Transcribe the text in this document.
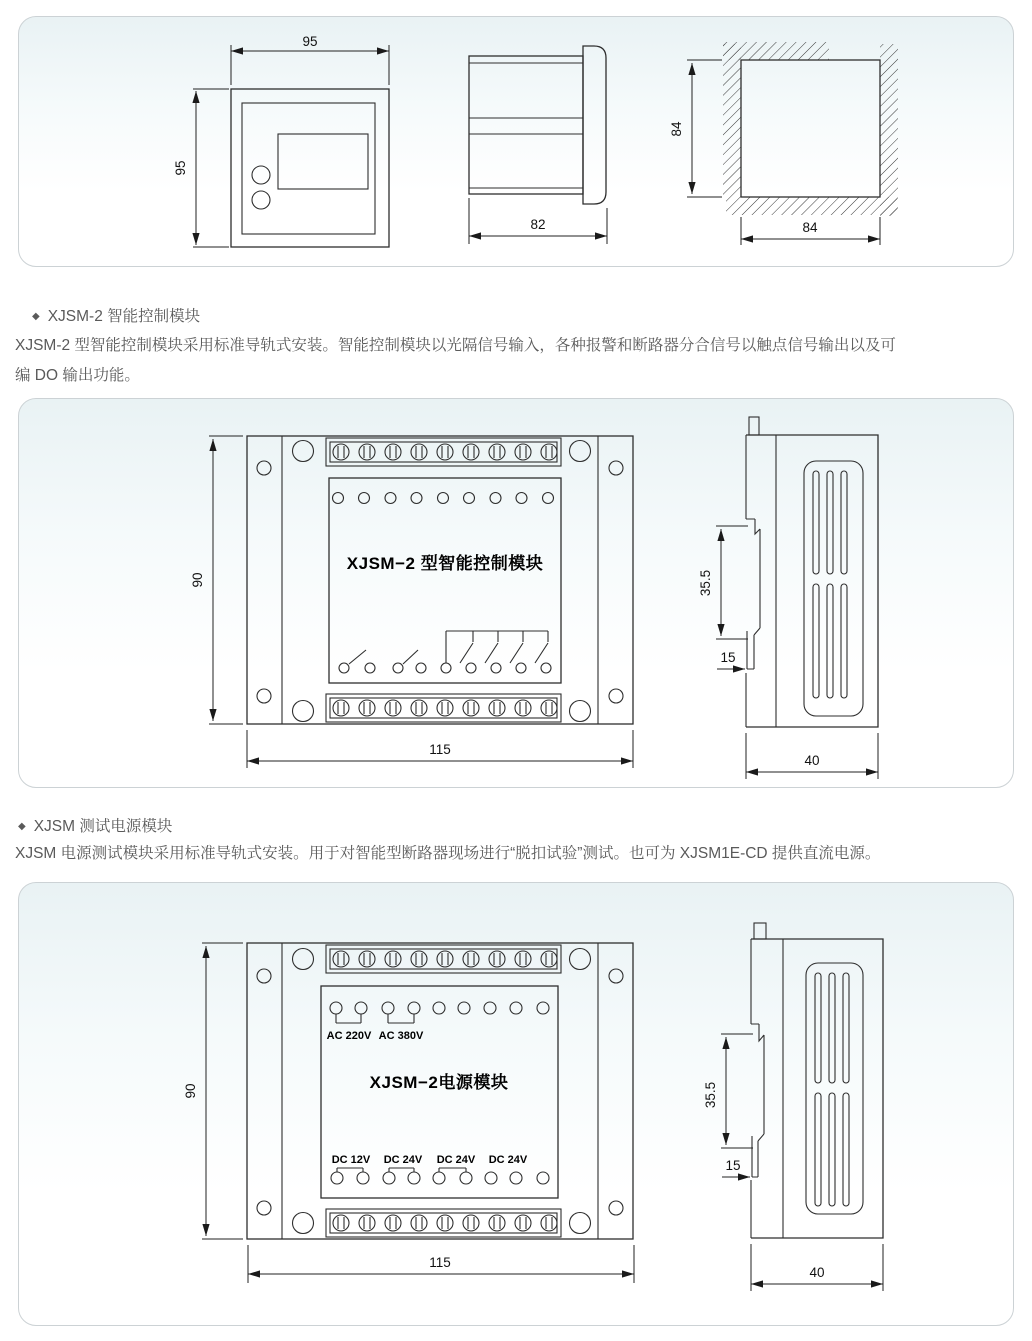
95
95
82
84
84
◆ XJSM-2 智能控制模块
XJSM-2 型智能控制模块采用标准导轨式安装。智能控制模块以光隔信号输入，各种报警和断路器分合信号以触点信号输出以及可
编 DO 输出功能。
XJSM−2 型智能控制模块
90
115
35.5
15
40
◆ XJSM 测试电源模块
XJSM 电源测试模块采用标准导轨式安装。用于对智能型断路器现场进行“脱扣试验”测试。也可为 XJSM1E-CD 提供直流电源。
AC 220V AC 380V
XJSM−2电源模块
DC 12V DC 24V DC 24V DC 24V
90
115
35.5
15
40
